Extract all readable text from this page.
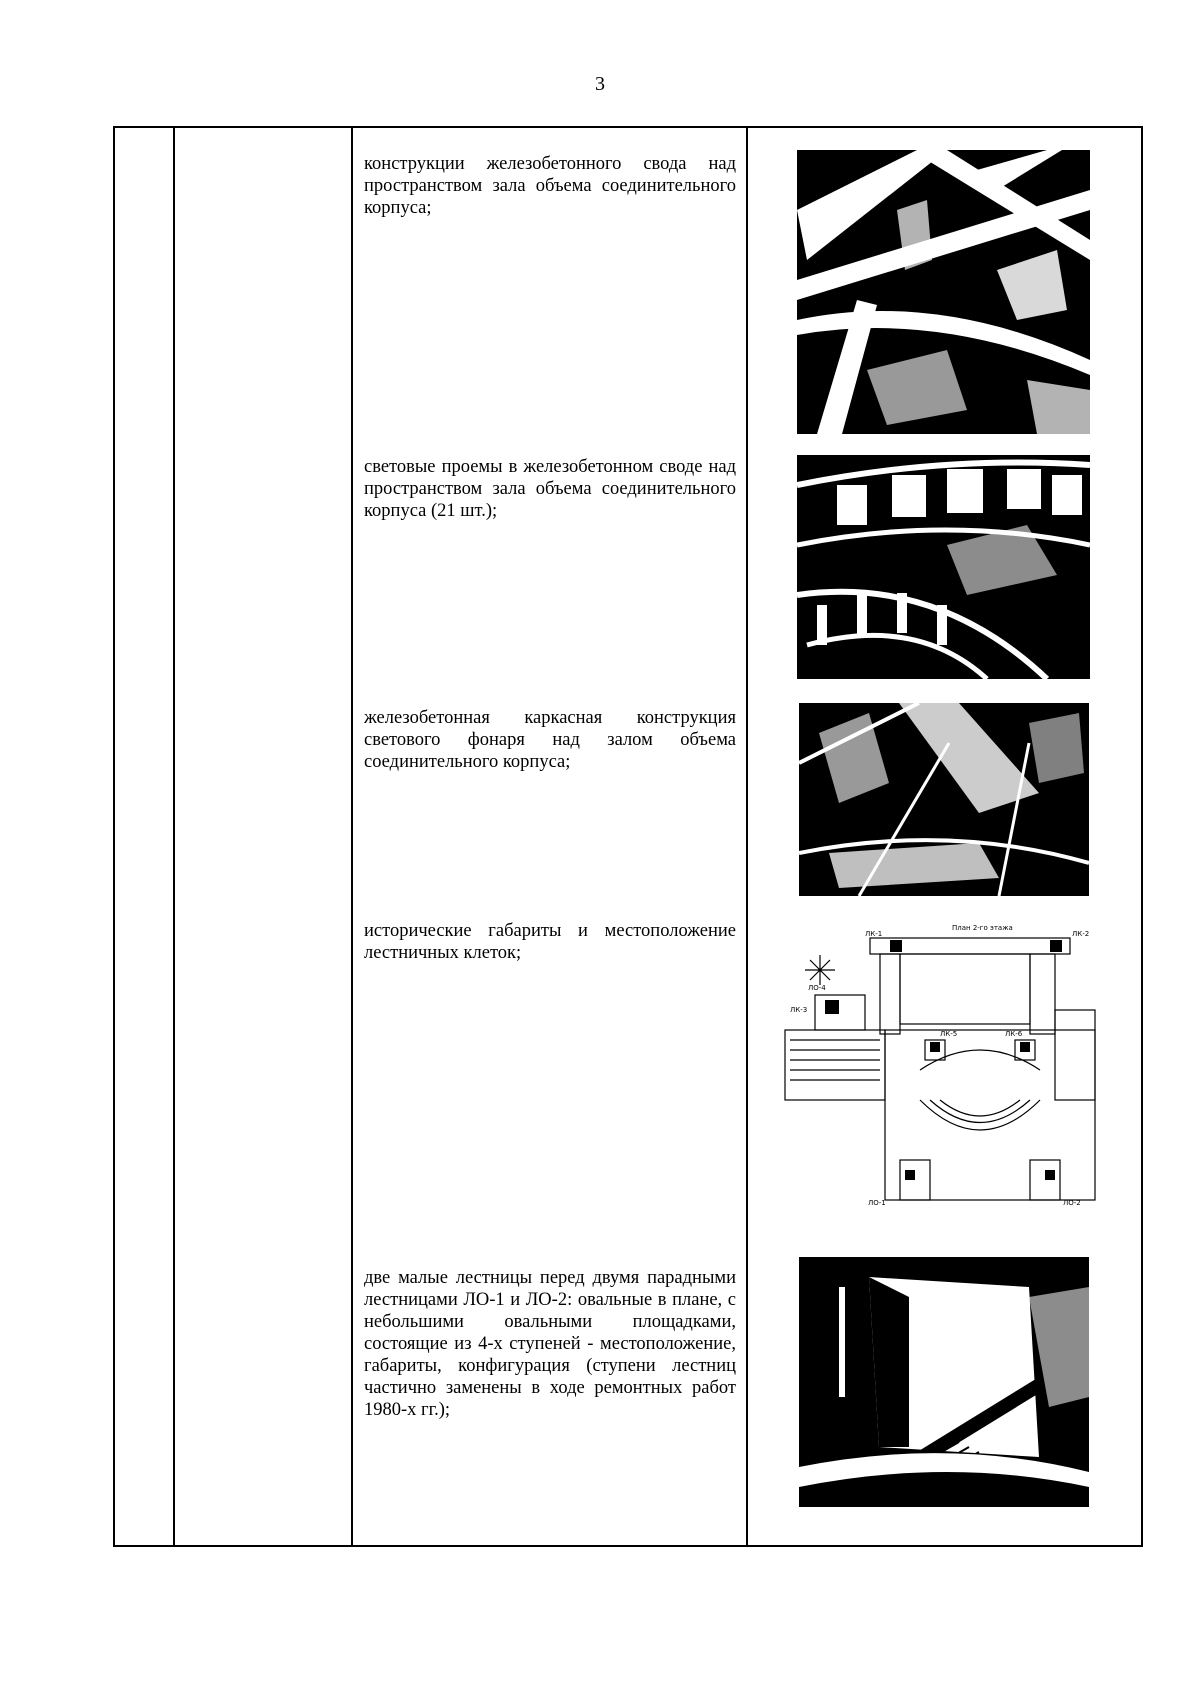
3
конструкции железобетонного свода над пространством зала объема соединительного корпуса;
световые проемы в железобетонном своде над пространством зала объема соединительного корпуса (21 шт.);
железобетонная каркасная конструкция светового фонаря над залом объема соединительного корпуса;
исторические габариты и местоположение лестничных клеток;
План 2-го этажа
ЛК-1	ЛК-2
ЛК-3
ЛО-4
ЛК-5	ЛК-6
ЛО-1	ЛО-2
две малые лестницы перед двумя парадными лестницами ЛО-1 и ЛО-2: овальные в плане, с небольшими овальными площадками, состоящие из 4-х ступеней - местоположение, габариты, конфигурация (ступени лестниц частично заменены в ходе ремонтных работ 1980-х гг.);
